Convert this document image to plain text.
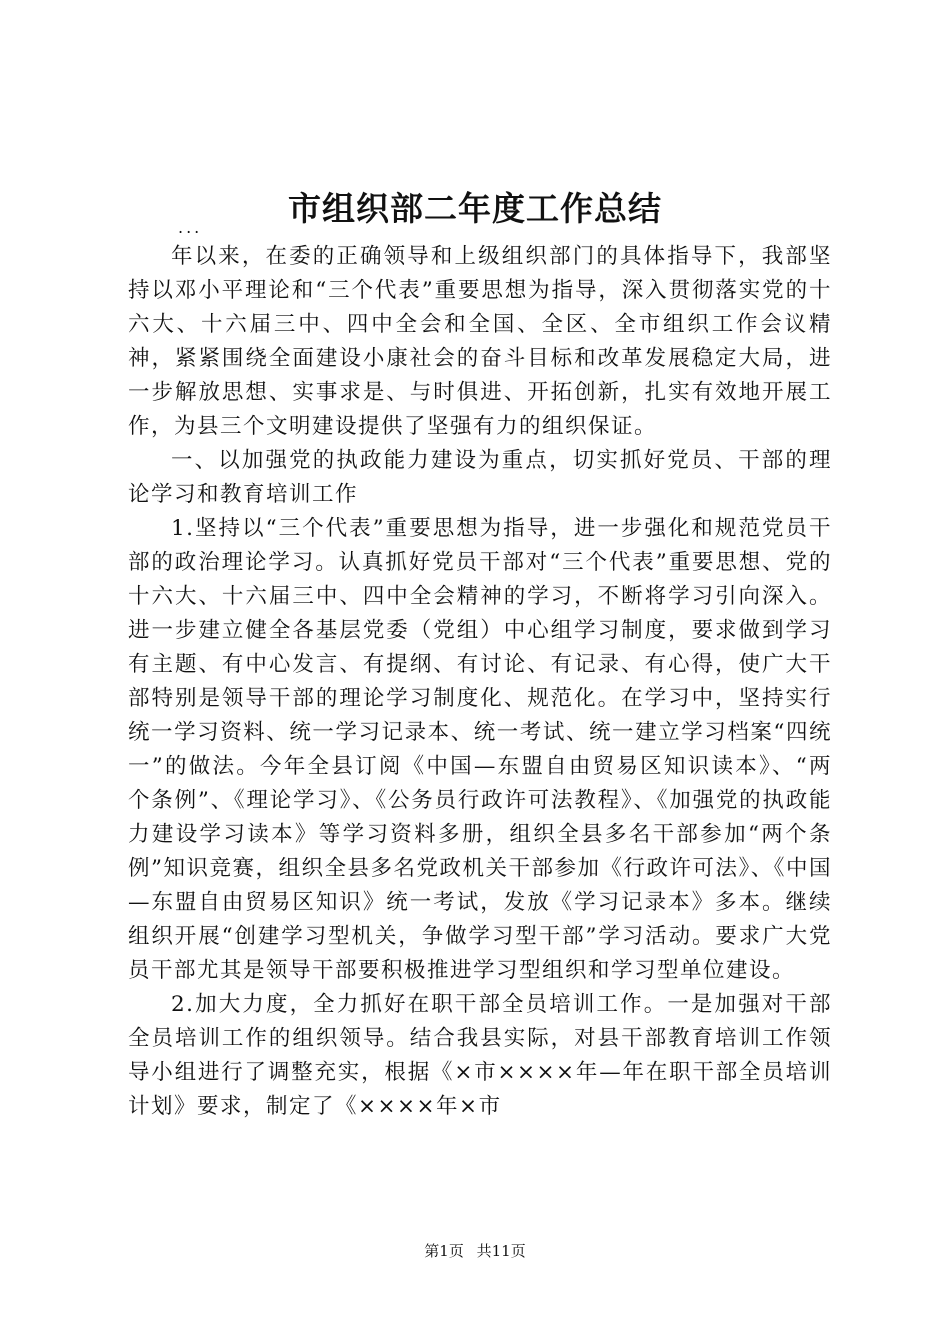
市组织部二年度工作总结
...

年以来，在委的正确领导和上级组织部门的具体指导下，我部坚持以邓小平理论和“三个代表”重要思想为指导，深入贯彻落实党的十六大、十六届三中、四中全会和全国、全区、全市组织工作会议精神，紧紧围绕全面建设小康社会的奋斗目标和改革发展稳定大局，进一步解放思想、实事求是、与时俱进、开拓创新，扎实有效地开展工作，为县三个文明建设提供了坚强有力的组织保证。

一、以加强党的执政能力建设为重点，切实抓好党员、干部的理论学习和教育培训工作

1.坚持以“三个代表”重要思想为指导，进一步强化和规范党员干部的政治理论学习。认真抓好党员干部对“三个代表”重要思想、党的十六大、十六届三中、四中全会精神的学习，不断将学习引向深入。进一步建立健全各基层党委（党组）中心组学习制度，要求做到学习有主题、有中心发言、有提纲、有讨论、有记录、有心得，使广大干部特别是领导干部的理论学习制度化、规范化。在学习中，坚持实行统一学习资料、统一学习记录本、统一考试、统一建立学习档案“四统一”的做法。今年全县订阅《中国—东盟自由贸易区知识读本》、“两个条例”、《理论学习》、《公务员行政许可法教程》、《加强党的执政能力建设学习读本》等学习资料多册，组织全县多名干部参加“两个条例”知识竞赛，组织全县多名党政机关干部参加《行政许可法》、《中国—东盟自由贸易区知识》统一考试，发放《学习记录本》多本。继续组织开展“创建学习型机关，争做学习型干部”学习活动。要求广大党员干部尤其是领导干部要积极推进学习型组织和学习型单位建设。

2.加大力度，全力抓好在职干部全员培训工作。一是加强对干部全员培训工作的组织领导。结合我县实际，对县干部教育培训工作领导小组进行了调整充实，根据《×市××××年—年在职干部全员培训计划》要求，制定了《××××年×市

第1页 共11页
